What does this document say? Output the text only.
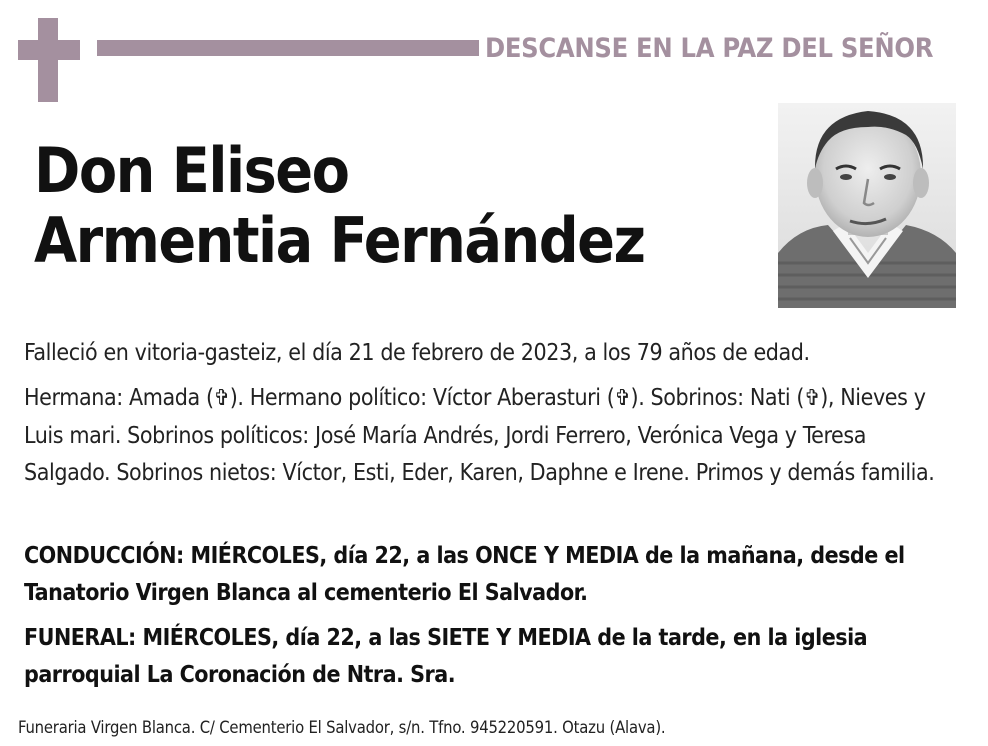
DESCANSE EN LA PAZ DEL SEÑOR
Don Eliseo
Armentia Fernández
Falleció en vitoria-gasteiz, el día 21 de febrero de 2023, a los 79 años de edad.
Hermana: Amada (✞). Hermano político: Víctor Aberasturi (✞). Sobrinos: Nati (✞), Nieves y Luis mari. Sobrinos políticos: José María Andrés, Jordi Ferrero, Verónica Vega y Teresa Salgado. Sobrinos nietos: Víctor, Esti, Eder, Karen, Daphne e Irene. Primos y demás familia.
CONDUCCIÓN: MIÉRCOLES, día 22, a las ONCE Y MEDIA de la mañana, desde el Tanatorio Virgen Blanca al cementerio El Salvador.
FUNERAL: MIÉRCOLES, día 22, a las SIETE Y MEDIA de la tarde, en la iglesia parroquial La Coronación de Ntra. Sra.
Funeraria Virgen Blanca. C/ Cementerio El Salvador, s/n. Tfno. 945220591. Otazu (Alava).
